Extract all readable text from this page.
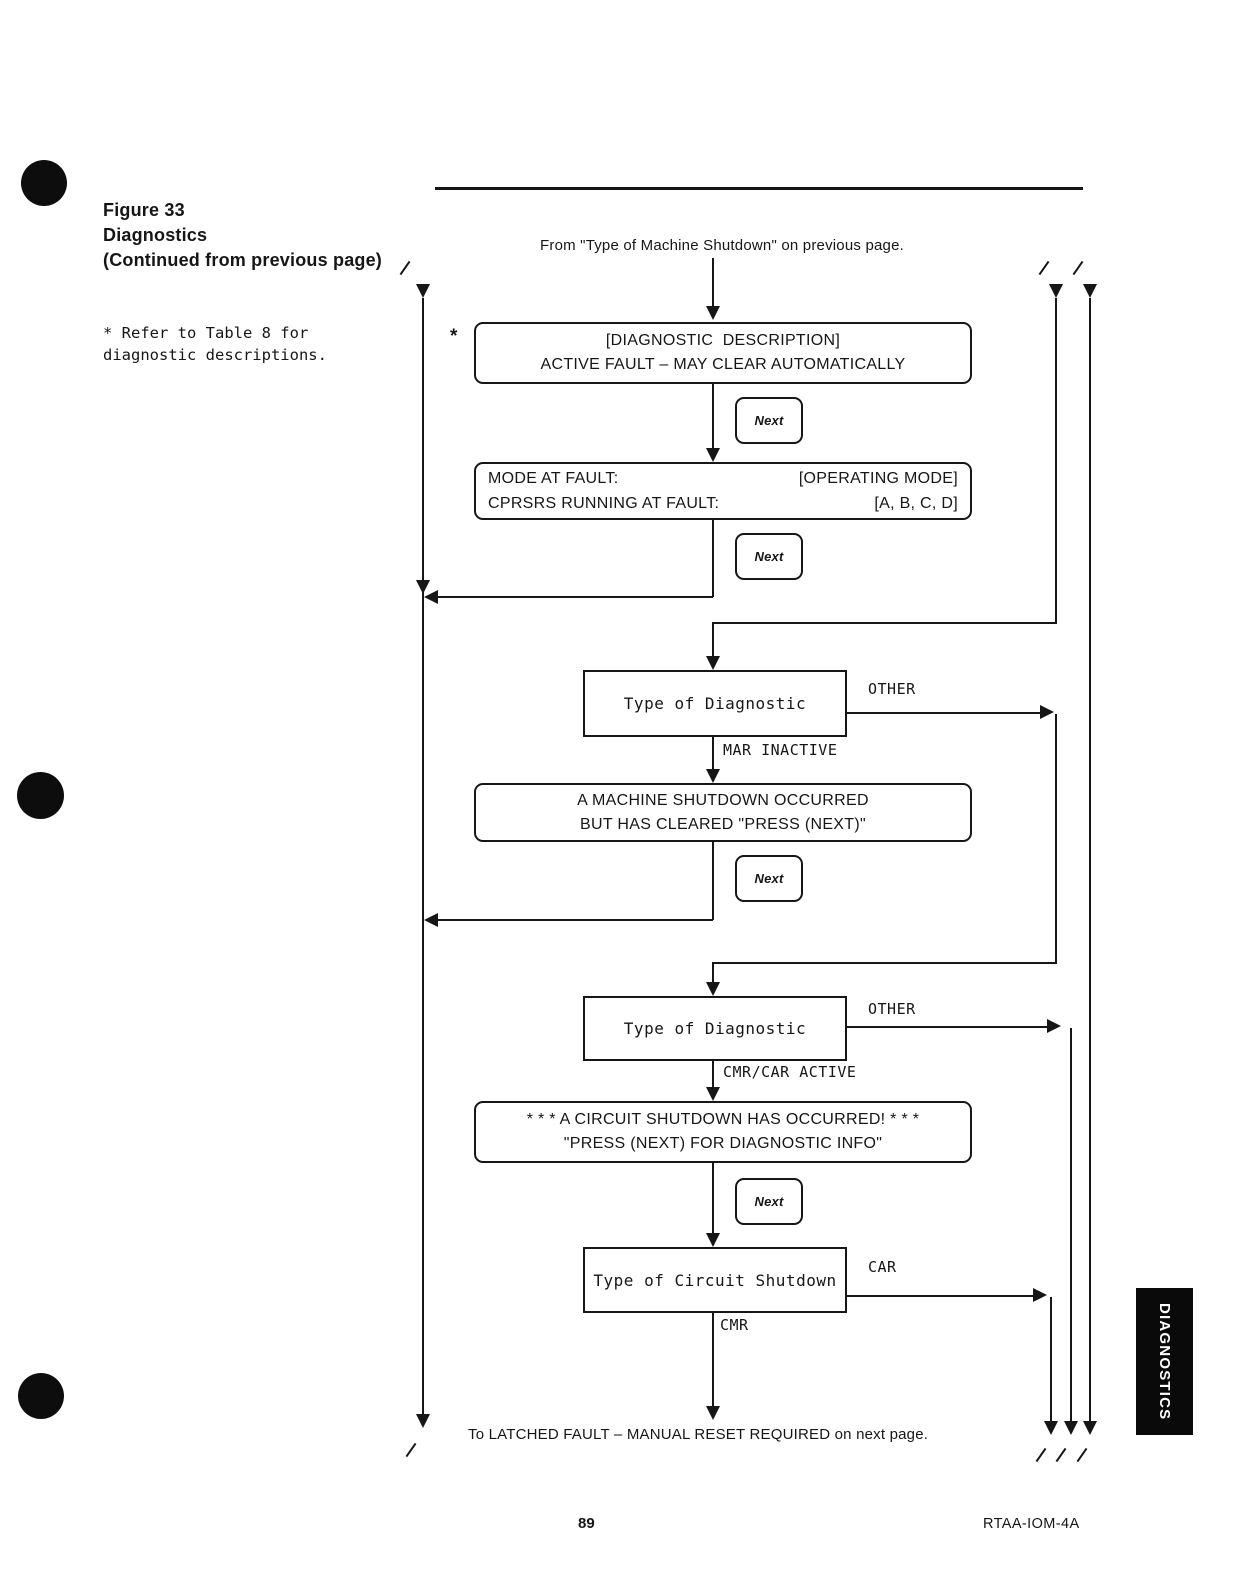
Figure 33
Diagnostics
(Continued from previous page)
* Refer to Table 8 for
diagnostic descriptions.
From "Type of Machine Shutdown" on previous page.
*	[DIAGNOSTIC  DESCRIPTION]
ACTIVE FAULT – MAY CLEAR AUTOMATICALLY
Next
MODE AT FAULT:	[OPERATING MODE]
CPRSRS RUNNING AT FAULT:	[A, B, C, D]
Next
Type of Diagnostic
OTHER
MAR INACTIVE
A MACHINE SHUTDOWN OCCURRED
BUT HAS CLEARED "PRESS (NEXT)"
Next
Type of Diagnostic
OTHER
CMR/CAR ACTIVE
* * * A CIRCUIT SHUTDOWN HAS OCCURRED! * * *
"PRESS (NEXT) FOR DIAGNOSTIC INFO"
Next
Type of Circuit Shutdown
CAR
CMR
To LATCHED FAULT – MANUAL RESET REQUIRED on next page.
89	RTAA-IOM-4A
DIAGNOSTICS
